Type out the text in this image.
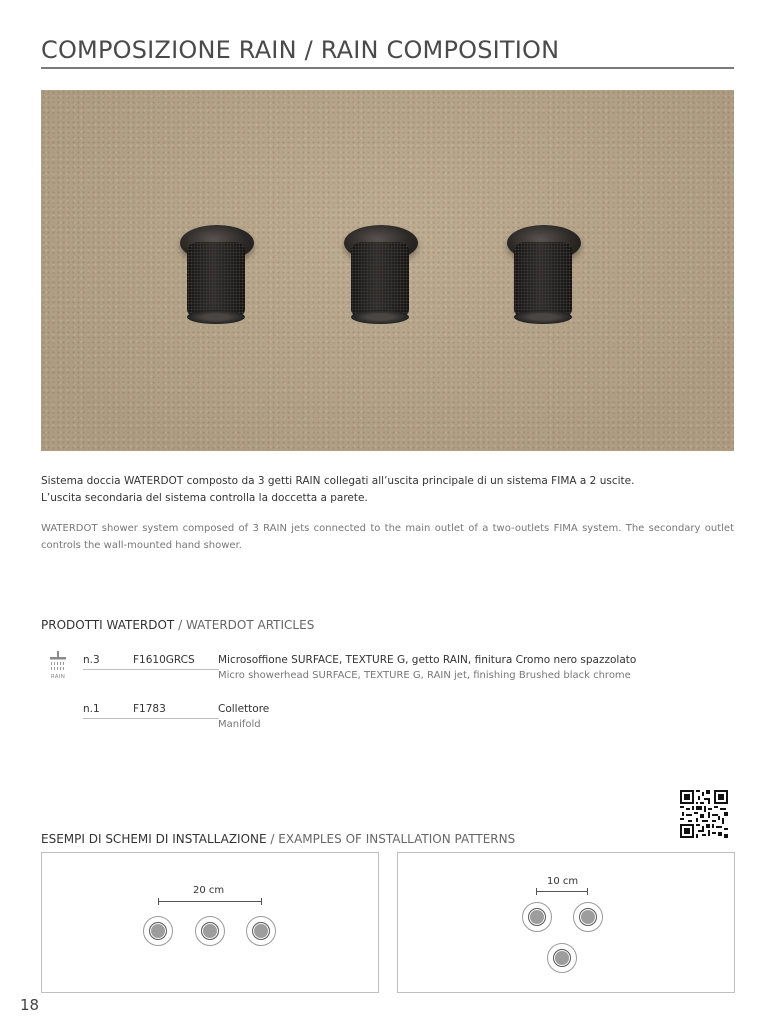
COMPOSIZIONE RAIN / RAIN COMPOSITION
Sistema doccia WATERDOT composto da 3 getti RAIN collegati all’uscita principale di un sistema FIMA a 2 uscite.
L’uscita secondaria del sistema controlla la doccetta a parete.
WATERDOT shower system composed of 3 RAIN jets connected to the main outlet of a two-outlets FIMA system. The secondary outlet controls the wall-mounted hand shower.
PRODOTTI WATERDOT / WATERDOT ARTICLES
RAIN
n.3	F1610GRCS	Microsoffione SURFACE, TEXTURE G, getto RAIN, finitura Cromo nero spazzolato
Micro showerhead SURFACE, TEXTURE G, RAIN jet, finishing Brushed black chrome
n.1	F1783	Collettore
Manifold
ESEMPI DI SCHEMI DI INSTALLAZIONE / EXAMPLES OF INSTALLATION PATTERNS
20 cm
10 cm
18
